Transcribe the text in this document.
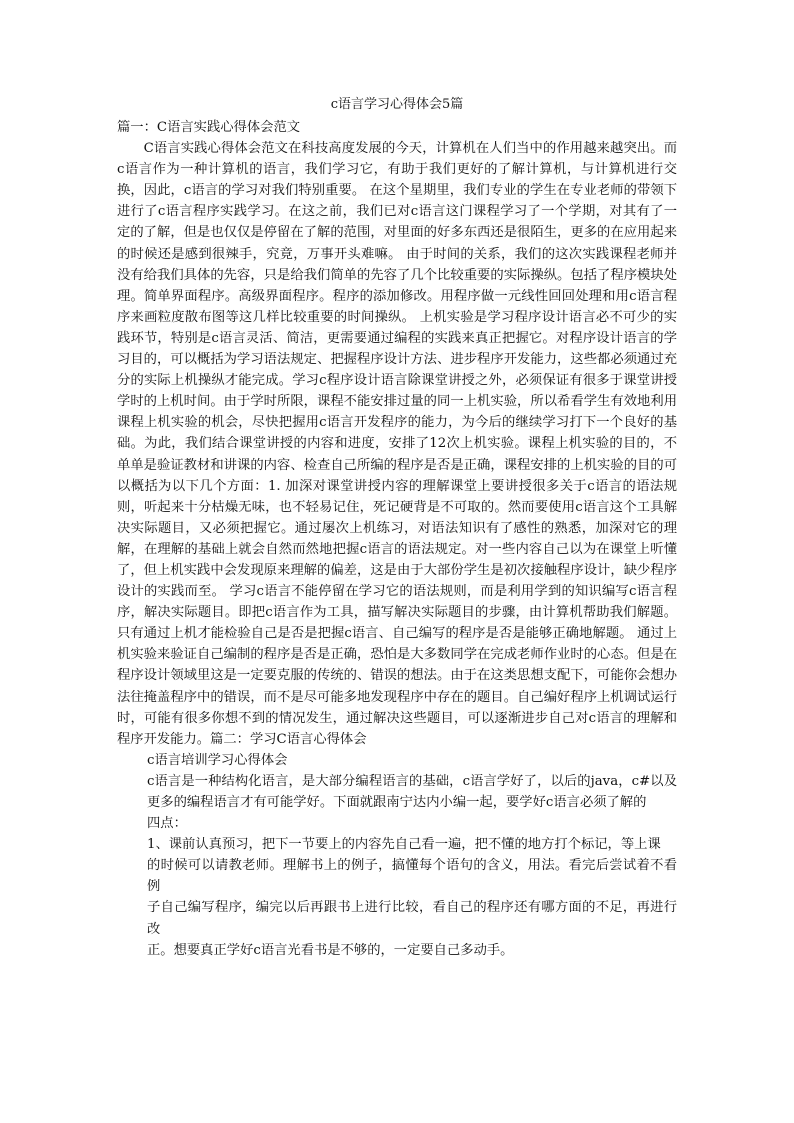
c语言学习心得体会5篇

篇一：C语言实践心得体会范文

C语言实践心得体会范文在科技高度发展的今天，计算机在人们当中的作用越来越突出。而c语言作为一种计算机的语言，我们学习它，有助于我们更好的了解计算机，与计算机进行交换，因此，c语言的学习对我们特别重要。 在这个星期里，我们专业的学生在专业老师的带领下进行了c语言程序实践学习。在这之前，我们已对c语言这门课程学习了一个学期，对其有了一定的了解，但是也仅仅是停留在了解的范围，对里面的好多东西还是很陌生，更多的在应用起来的时候还是感到很辣手，究竟，万事开头难嘛。 由于时间的关系，我们的这次实践课程老师并没有给我们具体的先容，只是给我们简单的先容了几个比较重要的实际操纵。包括了程序模块处理。简单界面程序。高级界面程序。程序的添加修改。用程序做一元线性回回处理和用c语言程序来画粒度散布图等这几样比较重要的时间操纵。 上机实验是学习程序设计语言必不可少的实践环节，特别是c语言灵活、简洁，更需要通过编程的实践来真正把握它。对程序设计语言的学习目的，可以概括为学习语法规定、把握程序设计方法、进步程序开发能力，这些都必须通过充分的实际上机操纵才能完成。学习c程序设计语言除课堂讲授之外，必须保证有很多于课堂讲授学时的上机时间。由于学时所限，课程不能安排过量的同一上机实验，所以希看学生有效地利用课程上机实验的机会，尽快把握用c语言开发程序的能力，为今后的继续学习打下一个良好的基础。为此，我们结合课堂讲授的内容和进度，安排了12次上机实验。课程上机实验的目的，不单单是验证教材和讲课的内容、检查自己所编的程序是否是正确，课程安排的上机实验的目的可以概括为以下几个方面：1. 加深对课堂讲授内容的理解课堂上要讲授很多关于c语言的语法规则，听起来十分枯燥无味，也不轻易记住，死记硬背是不可取的。然而要使用c语言这个工具解决实际题目，又必须把握它。通过屡次上机练习，对语法知识有了感性的熟悉，加深对它的理解，在理解的基础上就会自然而然地把握c语言的语法规定。对一些内容自己以为在课堂上听懂了，但上机实践中会发现原来理解的偏差，这是由于大部份学生是初次接触程序设计，缺少程序设计的实践而至。 学习c语言不能停留在学习它的语法规则，而是利用学到的知识编写c语言程序，解决实际题目。即把c语言作为工具，描写解决实际题目的步骤，由计算机帮助我们解题。只有通过上机才能检验自己是否是把握c语言、自己编写的程序是否是能够正确地解题。 通过上机实验来验证自己编制的程序是否是正确，恐怕是大多数同学在完成老师作业时的心态。但是在程序设计领域里这是一定要克服的传统的、错误的想法。由于在这类思想支配下，可能你会想办法往掩盖程序中的错误，而不是尽可能多地发现程序中存在的题目。自己编好程序上机调试运行时，可能有很多你想不到的情况发生，通过解决这些题目，可以逐渐进步自己对c语言的理解和程序开发能力。篇二：学习C语言心得体会

c语言培训学习心得体会

c语言是一种结构化语言，是大部分编程语言的基础，c语言学好了，以后的java，c#以及更多的编程语言才有可能学好。下面就跟南宁达内小编一起，要学好c语言必须了解的

四点：

1、课前认真预习，把下一节要上的内容先自己看一遍，把不懂的地方打个标记，等上课

的时候可以请教老师。理解书上的例子，搞懂每个语句的含义，用法。看完后尝试着不看例

子自己编写程序，编完以后再跟书上进行比较，看自己的程序还有哪方面的不足，再进行改

正。想要真正学好c语言光看书是不够的，一定要自己多动手。
